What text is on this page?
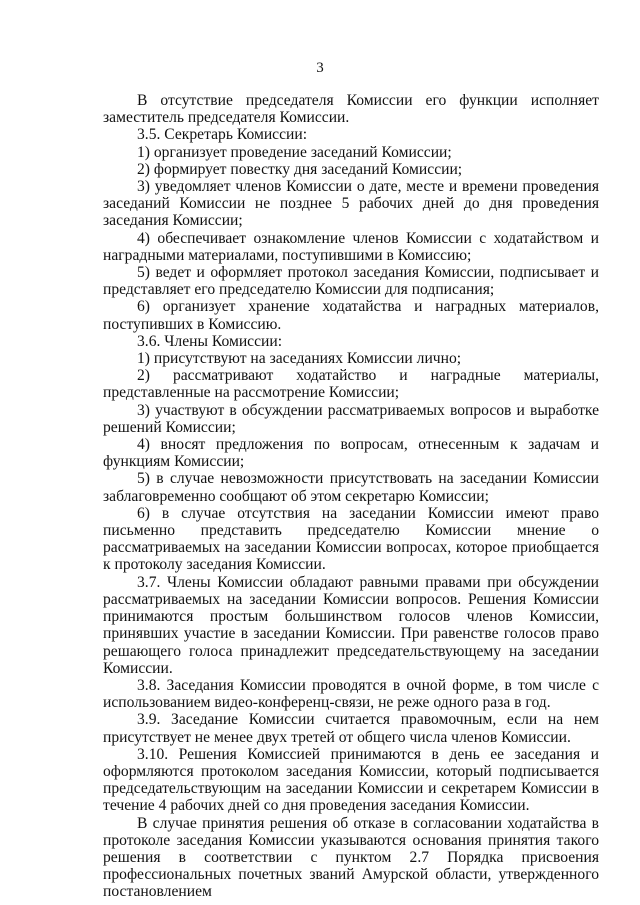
3

В отсутствие председателя Комиссии его функции исполняет заместитель председателя Комиссии.

3.5. Секретарь Комиссии:

1) организует проведение заседаний Комиссии;

2) формирует повестку дня заседаний Комиссии;

3) уведомляет членов Комиссии о дате, месте и времени проведения заседаний Комиссии не позднее 5 рабочих дней до дня проведения заседания Комиссии;

4) обеспечивает ознакомление членов Комиссии с ходатайством и наградными материалами, поступившими в Комиссию;

5) ведет и оформляет протокол заседания Комиссии, подписывает и представляет его председателю Комиссии для подписания;

6) организует хранение ходатайства и наградных материалов, поступивших в Комиссию.

3.6. Члены Комиссии:

1) присутствуют на заседаниях Комиссии лично;

2) рассматривают ходатайство и наградные материалы, представленные на рассмотрение Комиссии;

3) участвуют в обсуждении рассматриваемых вопросов и выработке решений Комиссии;

4) вносят предложения по вопросам, отнесенным к задачам и функциям Комиссии;

5) в случае невозможности присутствовать на заседании Комиссии заблаговременно сообщают об этом секретарю Комиссии;

6) в случае отсутствия на заседании Комиссии имеют право письменно представить председателю Комиссии мнение о рассматриваемых на заседании Комиссии вопросах, которое приобщается к протоколу заседания Комиссии.

3.7. Члены Комиссии обладают равными правами при обсуждении рассматриваемых на заседании Комиссии вопросов. Решения Комиссии принимаются простым большинством голосов членов Комиссии, принявших участие в заседании Комиссии. При равенстве голосов право решающего голоса принадлежит председательствующему на заседании Комиссии.

3.8. Заседания Комиссии проводятся в очной форме, в том числе с использованием видео-конференц-связи, не реже одного раза в год.

3.9. Заседание Комиссии считается правомочным, если на нем присутствует не менее двух третей от общего числа членов Комиссии.

3.10. Решения Комиссией принимаются в день ее заседания и оформляются протоколом заседания Комиссии, который подписывается председательствующим на заседании Комиссии и секретарем Комиссии в течение 4 рабочих дней со дня проведения заседания Комиссии.

В случае принятия решения об отказе в согласовании ходатайства в протоколе заседания Комиссии указываются основания принятия такого решения в соответствии с пунктом 2.7 Порядка присвоения профессиональных почетных званий Амурской области, утвержденного постановлением
